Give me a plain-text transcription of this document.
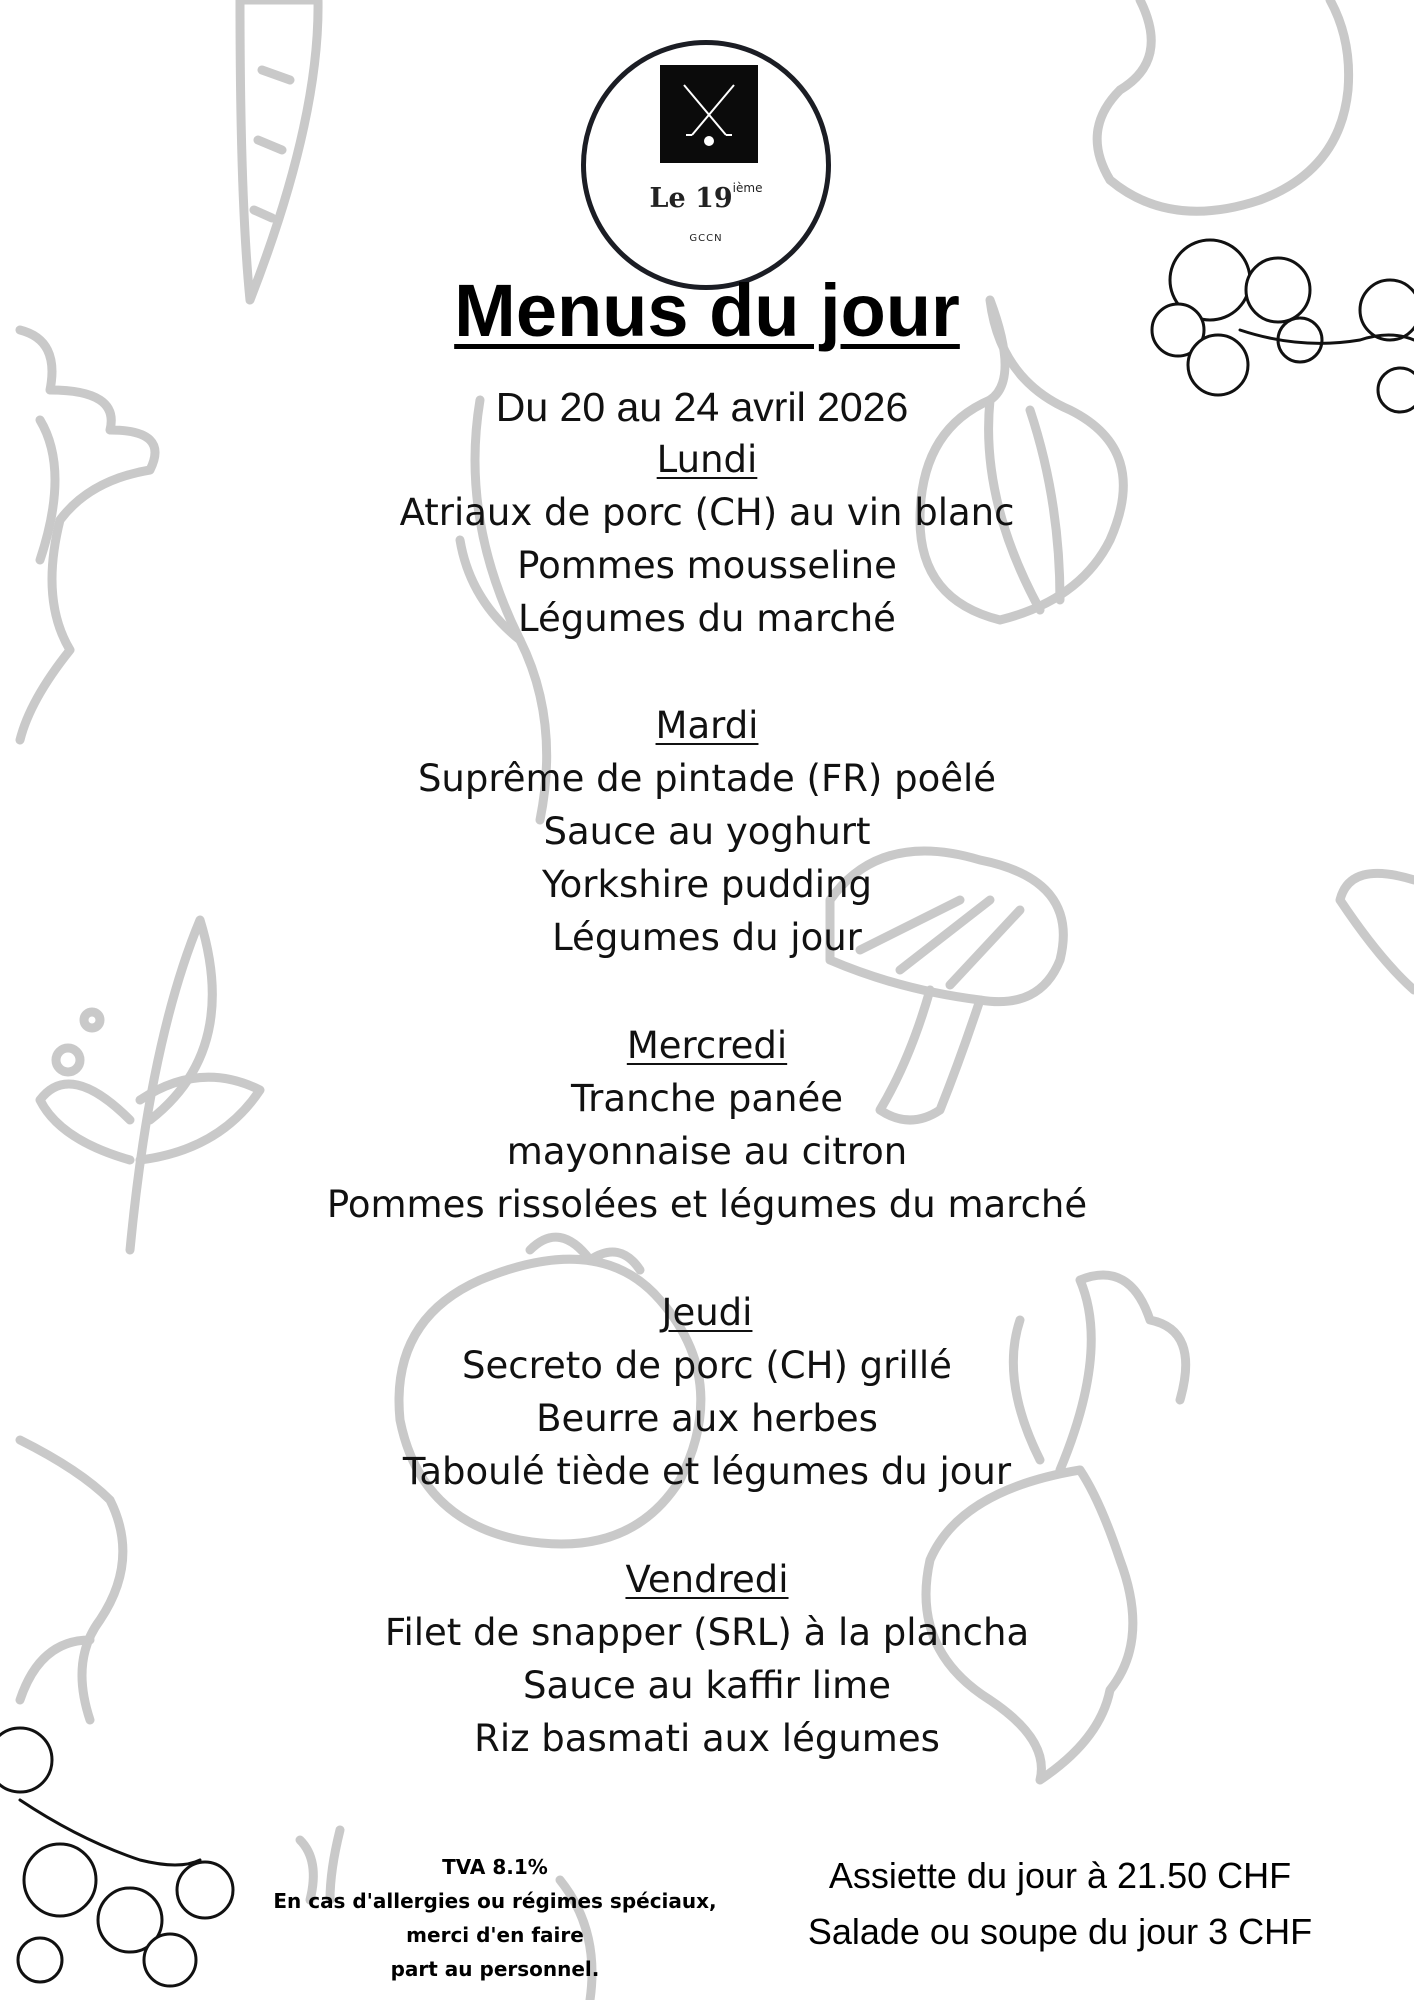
Le 19ième
GCCN
Menus du jour
Du 20 au 24 avril 2026
Lundi
Atriaux de porc (CH) au vin blanc
Pommes mousseline
Légumes du marché
Mardi
Suprême de pintade (FR) poêlé
Sauce au yoghurt
Yorkshire pudding
Légumes du jour
Mercredi
Tranche panée
mayonnaise au citron
Pommes rissolées et légumes du marché
Jeudi
Secreto de porc (CH) grillé
Beurre aux herbes
Taboulé tiède et légumes du jour
Vendredi
Filet de snapper (SRL) à la plancha
Sauce au kaffir lime
Riz basmati aux légumes
TVA 8.1%
En cas d'allergies ou régimes spéciaux,
merci d'en faire
part au personnel.
Assiette du jour à 21.50 CHF
Salade ou soupe du jour 3 CHF
